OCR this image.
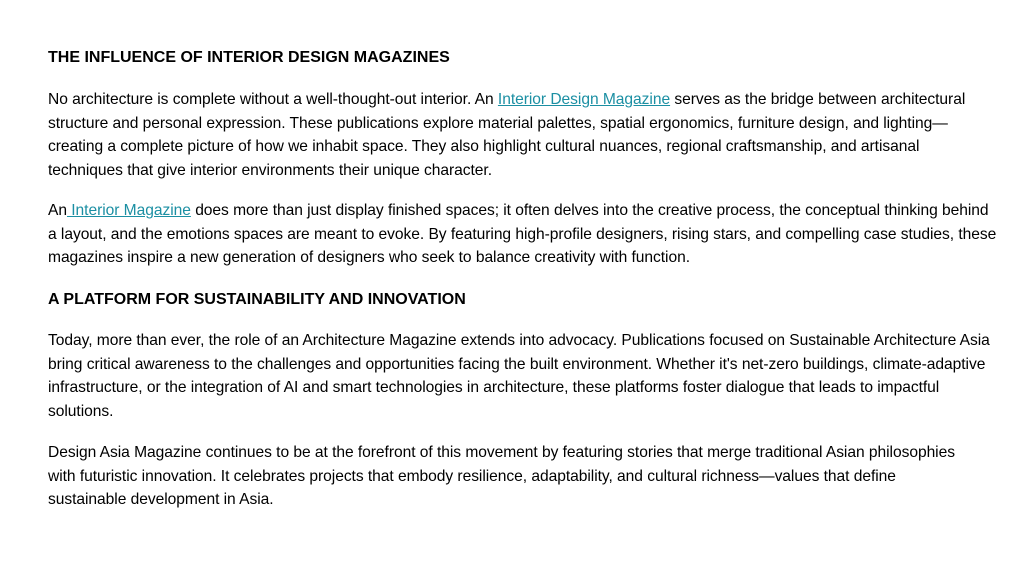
THE INFLUENCE OF INTERIOR DESIGN MAGAZINES

No architecture is complete without a well-thought-out interior. An Interior Design Magazine serves as the bridge between architectural structure and personal expression. These publications explore material palettes, spatial ergonomics, furniture design, and lighting—creating a complete picture of how we inhabit space. They also highlight cultural nuances, regional craftsmanship, and artisanal techniques that give interior environments their unique character.

An Interior Magazine does more than just display finished spaces; it often delves into the creative process, the conceptual thinking behind a layout, and the emotions spaces are meant to evoke. By featuring high-profile designers, rising stars, and compelling case studies, these magazines inspire a new generation of designers who seek to balance creativity with function.

A PLATFORM FOR SUSTAINABILITY AND INNOVATION

Today, more than ever, the role of an Architecture Magazine extends into advocacy. Publications focused on Sustainable Architecture Asia bring critical awareness to the challenges and opportunities facing the built environment. Whether it's net-zero buildings, climate-adaptive infrastructure, or the integration of AI and smart technologies in architecture, these platforms foster dialogue that leads to impactful solutions.

Design Asia Magazine continues to be at the forefront of this movement by featuring stories that merge traditional Asian philosophies with futuristic innovation. It celebrates projects that embody resilience, adaptability, and cultural richness—values that define sustainable development in Asia.
